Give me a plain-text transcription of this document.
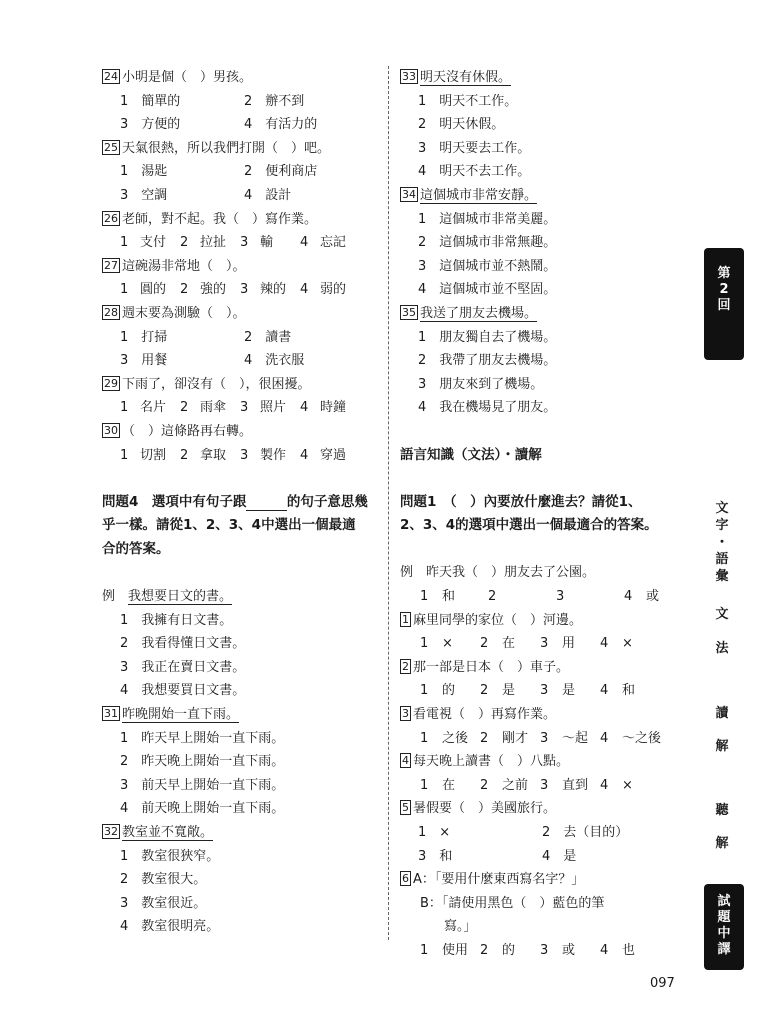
24 小明是個（　）男孩。
1　簡單的	2　辦不到
3　方便的	4　有活力的
25 天氣很熱，所以我們打開（　）吧。
1　湯匙	2　便利商店
3　空調	4　設計
26 老師，對不起。我（　）寫作業。
1 支付 2 拉扯 3 輸 4 忘記
27 這碗湯非常地（　）。
1 圓的 2 強的 3 辣的 4 弱的
28 週末要為測驗（　）。
1　打掃	2　讀書
3　用餐	4　洗衣服
29 下雨了，卻沒有（　），很困擾。
1 名片 2 雨傘 3 照片 4 時鐘
30 （　）這條路再右轉。
1 切割 2 拿取 3 製作 4 穿過
問題4　選項中有句子跟　　　	的句子意思幾
乎一樣。請從1、2、3、4中選出一個最適
合的答案。
例　 我想要日文的書。
1　我擁有日文書。
2　我看得懂日文書。
3　我正在賣日文書。
4　我想要買日文書。
31 昨晚開始一直下雨。
1　昨天早上開始一直下雨。
2　昨天晚上開始一直下雨。
3　前天早上開始一直下雨。
4　前天晚上開始一直下雨。
32 教室並不寬敞。
1　教室很狹窄。
2　教室很大。
3　教室很近。
4　教室很明亮。
33 明天沒有休假。
1　明天不工作。
2　明天休假。
3　明天要去工作。
4　明天不去工作。
34 這個城市非常安靜。
1　這個城市非常美麗。
2　這個城市非常無趣。
3　這個城市並不熱鬧。
4　這個城市並不堅固。
35 我送了朋友去機場。
1　朋友獨自去了機場。
2　我帶了朋友去機場。
3　朋友來到了機場。
4　我在機場見了朋友。
語言知識（文法）・讀解
問題1　（　）內要放什麼進去？請從1、
2、3、4的選項中選出一個最適合的答案。
例　昨天我（　）朋友去了公園。
1 和	2	3	4 或
1 麻里同學的家位（　）河邊。
1 × 2 在 3 用 4 ×
2 那一部是日本（　）車子。
1 的 2 是 3 是 4 和
3 看電視（　）再寫作業。
1 之後 2 剛才 3 ～起 4 ～之後
4 每天晚上讀書（　）八點。
1 在 2 之前 3 直到 4 ×
5 暑假要（　）美國旅行。
1　×	2　去（目的）
3　和	4　是
6 A：「要用什麼東西寫名字？」
B：「請使用黑色（　）藍色的筆
寫。」
1 使用 2 的 3 或 4 也
第
2
回
文
字
・
語
彙
文
法
讀
解
聽
解
試
題
中
譯
097
